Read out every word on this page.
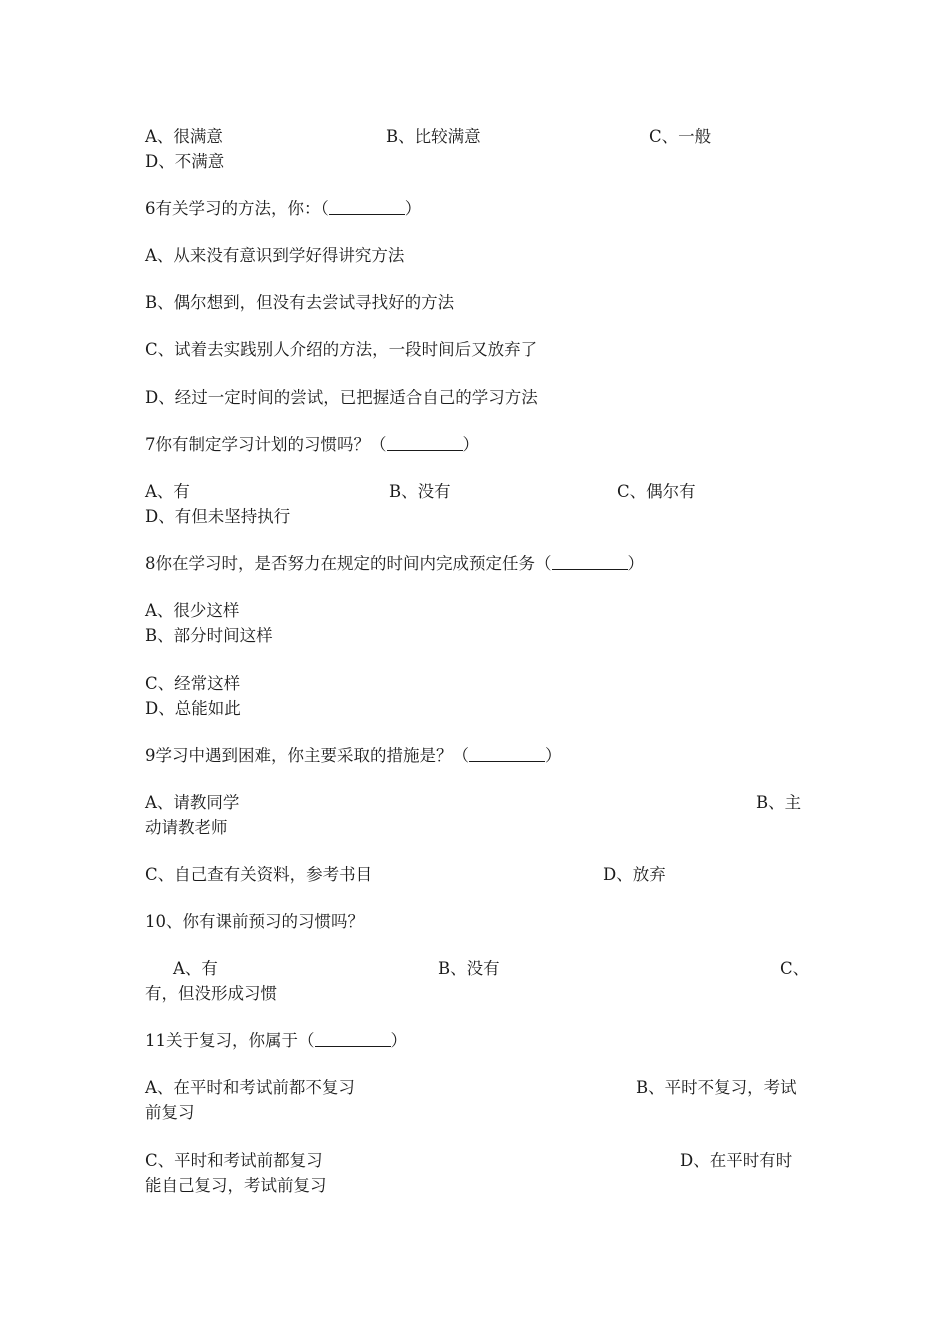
A、很满意	B、比较满意	C、一般
D、不满意
6有关学习的方法，你：（	）
A、从来没有意识到学好得讲究方法
B、偶尔想到，但没有去尝试寻找好的方法
C、试着去实践别人介绍的方法，一段时间后又放弃了
D、经过一定时间的尝试，已把握适合自己的学习方法
7你有制定学习计划的习惯吗？（	）
A、有	B、没有	C、偶尔有
D、有但未坚持执行
8你在学习时，是否努力在规定的时间内完成预定任务（	）
A、很少这样
B、部分时间这样
C、经常这样
D、总能如此
9学习中遇到困难，你主要采取的措施是？（	）
A、请教同学	B、主
动请教老师
C、自己查有关资料，参考书目	D、放弃
10、你有课前预习的习惯吗？
A、有	B、没有	C、
有，但没形成习惯
11关于复习，你属于（	）
A、在平时和考试前都不复习	B、平时不复习，考试
前复习
C、平时和考试前都复习	D、在平时有时
能自己复习，考试前复习
